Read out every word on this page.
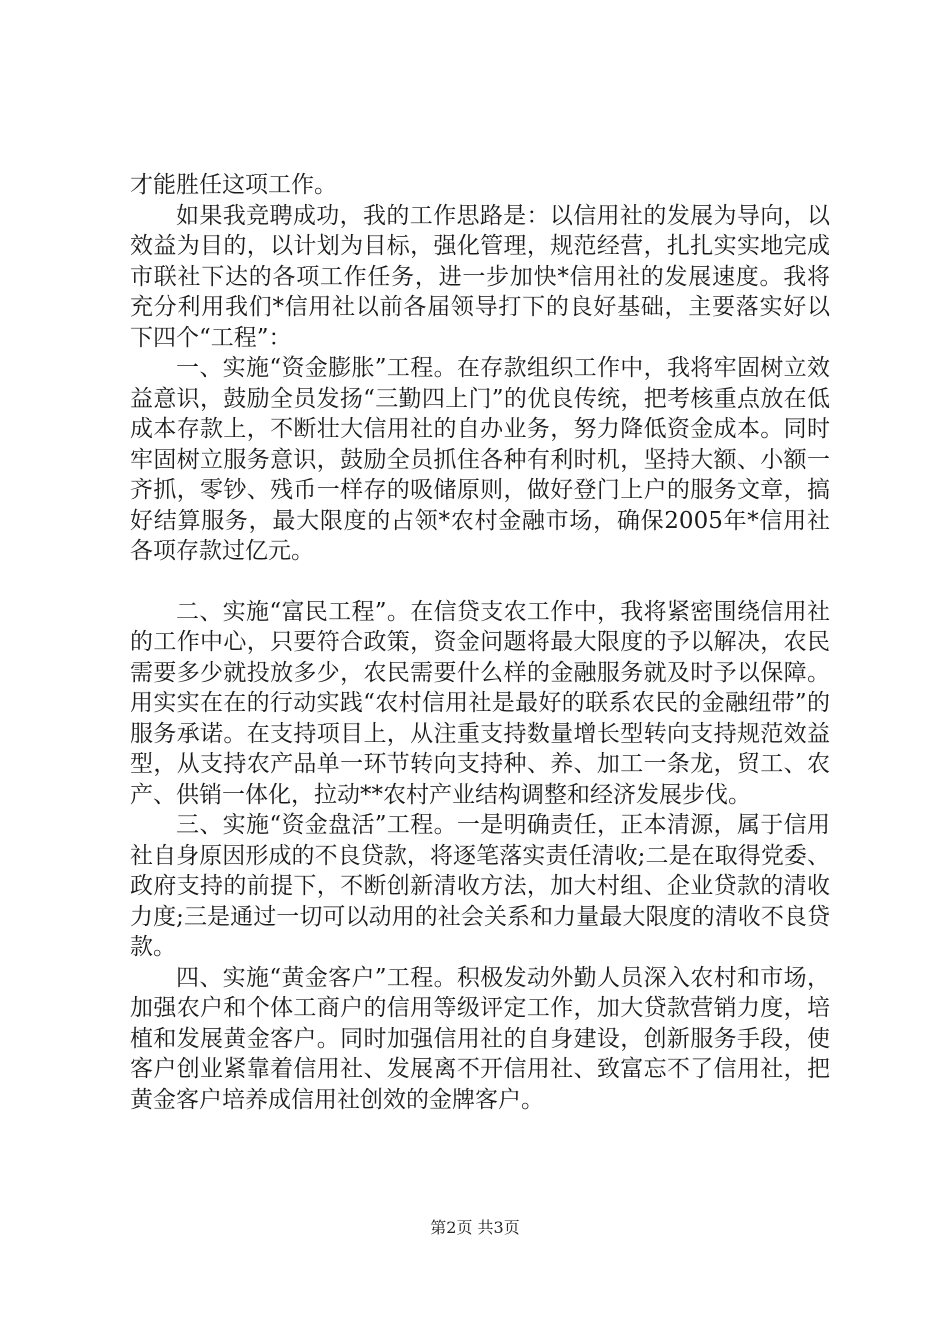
才能胜任这项工作。

如果我竞聘成功，我的工作思路是：以信用社的发展为导向，以效益为目的，以计划为目标，强化管理，规范经营，扎扎实实地完成市联社下达的各项工作任务，进一步加快*信用社的发展速度。我将充分利用我们*信用社以前各届领导打下的良好基础，主要落实好以下四个“工程”：

一、实施“资金膨胀”工程。在存款组织工作中，我将牢固树立效益意识，鼓励全员发扬“三勤四上门”的优良传统，把考核重点放在低成本存款上，不断壮大信用社的自办业务，努力降低资金成本。同时牢固树立服务意识，鼓励全员抓住各种有利时机，坚持大额、小额一齐抓，零钞、残币一样存的吸储原则，做好登门上户的服务文章，搞好结算服务，最大限度的占领*农村金融市场，确保2005年*信用社各项存款过亿元。

二、实施“富民工程”。在信贷支农工作中，我将紧密围绕信用社的工作中心，只要符合政策，资金问题将最大限度的予以解决，农民需要多少就投放多少，农民需要什么样的金融服务就及时予以保障。用实实在在的行动实践“农村信用社是最好的联系农民的金融纽带”的服务承诺。在支持项目上，从注重支持数量增长型转向支持规范效益型，从支持农产品单一环节转向支持种、养、加工一条龙，贸工、农产、供销一体化，拉动**农村产业结构调整和经济发展步伐。

三、实施“资金盘活”工程。一是明确责任，正本清源，属于信用社自身原因形成的不良贷款，将逐笔落实责任清收;二是在取得党委、政府支持的前提下，不断创新清收方法，加大村组、企业贷款的清收力度;三是通过一切可以动用的社会关系和力量最大限度的清收不良贷款。

四、实施“黄金客户”工程。积极发动外勤人员深入农村和市场，加强农户和个体工商户的信用等级评定工作，加大贷款营销力度，培植和发展黄金客户。同时加强信用社的自身建设，创新服务手段，使客户创业紧靠着信用社、发展离不开信用社、致富忘不了信用社，把黄金客户培养成信用社创效的金牌客户。

第2页 共3页
